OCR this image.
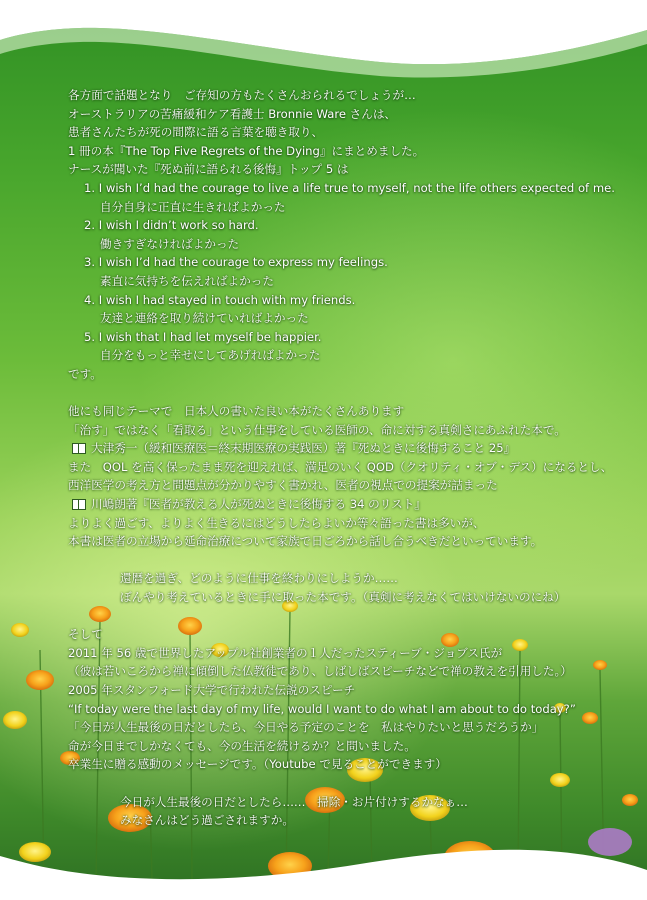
各方面で話題となり　ご存知の方もたくさんおられるでしょうが…
オーストラリアの苦痛緩和ケア看護士 Bronnie Ware さんは、
患者さんたちが死の間際に語る言葉を聴き取り、
1 冊の本『The Top Five Regrets of the Dying』にまとめました。
ナースが聞いた『死ぬ前に語られる後悔』トップ 5 は
1. I wish I’d had the courage to live a life true to myself, not the life others expected of me.
自分自身に正直に生きればよかった
2. I wish I didn’t work so hard.
働きすぎなければよかった
3. I wish I’d had the courage to express my feelings.
素直に気持ちを伝えればよかった
4. I wish I had stayed in touch with my friends.
友達と連絡を取り続けていればよかった
5. I wish that I had let myself be happier.
自分をもっと幸せにしてあげればよかった
です。
他にも同じテーマで　日本人の書いた良い本がたくさんあります
「治す」ではなく「看取る」という仕事をしている医師の、命に対する真剣さにあふれた本で。
大津秀一（緩和医療医＝終末期医療の実践医）著『死ぬときに後悔すること 25』
また　QOL を高く保ったまま死を迎えれば、満足のいく QOD（クオリティ・オブ・デス）になるとし、
西洋医学の考え方と問題点が分かりやすく書かれ、医者の視点での提案が詰まった
川嶋朗著『医者が教える人が死ぬときに後悔する 34 のリスト』
よりよく過ごす、よりよく生きるにはどうしたらよいか等々語った書は多いが、
本書は医者の立場から延命治療について家族で日ごろから話し合うべきだといっています。
還暦を過ぎ、どのように仕事を終わりにしようか……
ぼんやり考えているときに手に取った本です。（真剣に考えなくてはいけないのにね）
そして
2011 年 56 歳で世界したアップル社創業者の１人だったスティーブ・ジョブス氏が
（彼は若いころから禅に傾倒した仏教徒であり、しばしばスピーチなどで禅の教えを引用した。）
2005 年スタンフォード大学で行われた伝説のスピーチ
“If today were the last day of my life, would I want to do what I am about to do today?”
「今日が人生最後の日だとしたら、今日やる予定のことを　私はやりたいと思うだろうか」
命が今日までしかなくても、今の生活を続けるか？と問いました。
卒業生に贈る感動のメッセージです。（Youtube で見ることができます）
今日が人生最後の日だとしたら……　掃除・お片付けするかなぁ…
みなさんはどう過ごされますか。
